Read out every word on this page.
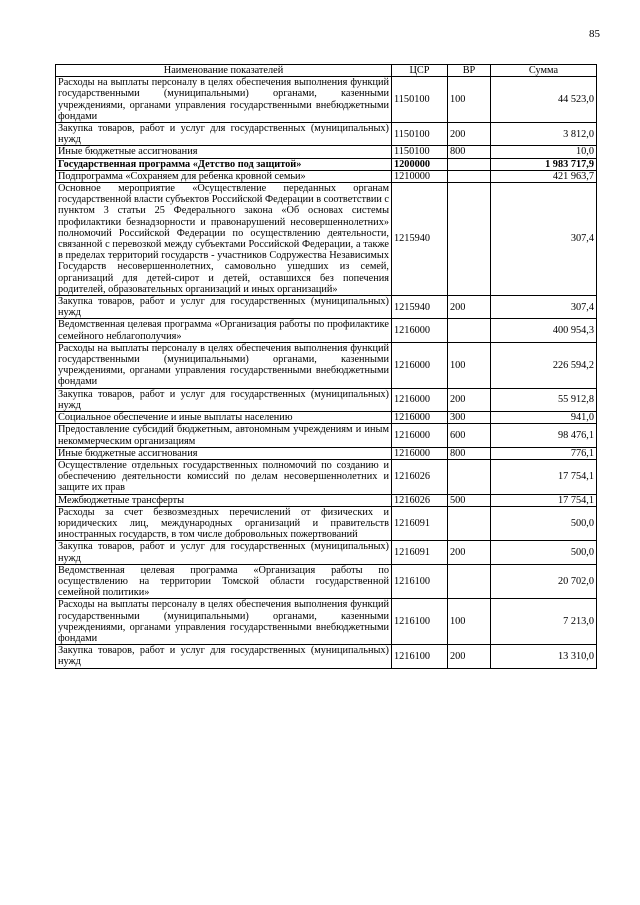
85
Наименование показателей	ЦСР	ВР	Сумма
Расходы на выплаты персоналу в целях обеспечения выполнения функций государственными (муниципальными) органами, казенными учреждениями, органами управления государственными внебюджетными фондами	1150100	100	44 523,0
Закупка товаров, работ и услуг для государственных (муниципальных) нужд	1150100	200	3 812,0
Иные бюджетные ассигнования	1150100	800	10,0
Государственная программа «Детство под защитой»	1200000		1 983 717,9
Подпрограмма «Сохраняем для ребенка кровной семьи»	1210000		421 963,7
Основное мероприятие «Осуществление переданных органам государственной власти субъектов Российской Федерации в соответствии с пунктом 3 статьи 25 Федерального закона «Об основах системы профилактики безнадзорности и правонарушений несовершеннолетних» полномочий Российской Федерации по осуществлению деятельности, связанной с перевозкой между субъектами Российской Федерации, а также в пределах территорий государств - участников Содружества Независимых Государств несовершеннолетних, самовольно ушедших из семей, организаций для детей-сирот и детей, оставшихся без попечения родителей, образовательных организаций и иных организаций»	1215940		307,4
Закупка товаров, работ и услуг для государственных (муниципальных) нужд	1215940	200	307,4
Ведомственная целевая программа «Организация работы по профилактике семейного неблагополучия»	1216000		400 954,3
Расходы на выплаты персоналу в целях обеспечения выполнения функций государственными (муниципальными) органами, казенными учреждениями, органами управления государственными внебюджетными фондами	1216000	100	226 594,2
Закупка товаров, работ и услуг для государственных (муниципальных) нужд	1216000	200	55 912,8
Социальное обеспечение и иные выплаты населению	1216000	300	941,0
Предоставление субсидий бюджетным, автономным учреждениям и иным некоммерческим организациям	1216000	600	98 476,1
Иные бюджетные ассигнования	1216000	800	776,1
Осуществление отдельных государственных полномочий по созданию и обеспечению деятельности комиссий по делам несовершеннолетних и защите их прав	1216026		17 754,1
Межбюджетные трансферты	1216026	500	17 754,1
Расходы за счет безвозмездных перечислений от физических и юридических лиц, международных организаций и правительств иностранных государств, в том числе добровольных пожертвований	1216091		500,0
Закупка товаров, работ и услуг для государственных (муниципальных) нужд	1216091	200	500,0
Ведомственная целевая программа «Организация работы по осуществлению на территории Томской области государственной семейной политики»	1216100		20 702,0
Расходы на выплаты персоналу в целях обеспечения выполнения функций государственными (муниципальными) органами, казенными учреждениями, органами управления государственными внебюджетными фондами	1216100	100	7 213,0
Закупка товаров, работ и услуг для государственных (муниципальных) нужд	1216100	200	13 310,0
